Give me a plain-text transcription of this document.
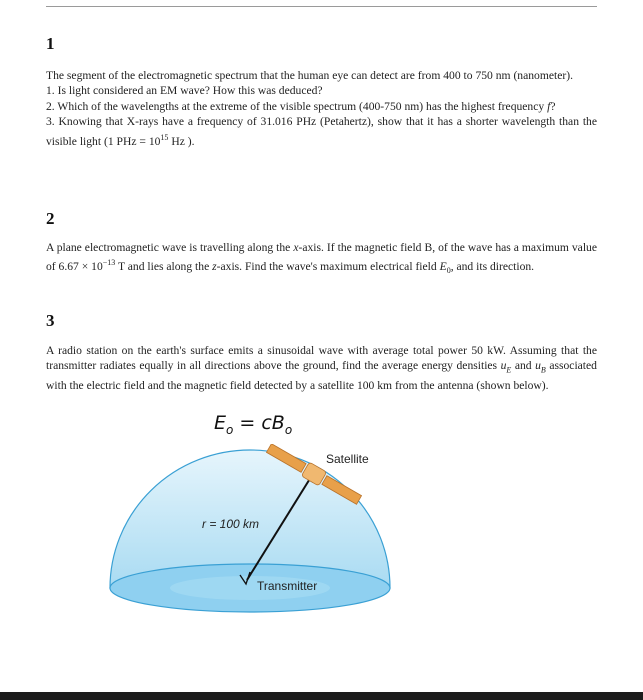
1

The segment of the electromagnetic spectrum that the human eye can detect are from 400 to 750 nm (nanometer).

1. Is light considered an EM wave? How this was deduced?

2. Which of the wavelengths at the extreme of the visible spectrum (400-750 nm) has the highest frequency f?

3. Knowing that X-rays have a frequency of 31.016 PHz (Petahertz), show that it has a shorter wavelength than the visible light (1 PHz = $10^{15}$ Hz ).

2

A plane electromagnetic wave is travelling along the x-axis. If the magnetic field B, of the wave has a maximum value of $6.67 \times 10^{-13}$ T and lies along the z-axis. Find the wave's maximum electrical field $E_0$, and its direction.

3

A radio station on the earth's surface emits a sinusoidal wave with average total power 50 kW. Assuming that the transmitter radiates equally in all directions above the ground, find the average energy densities $u_E$ and $u_B$ associated with the electric field and the magnetic field detected by a satellite 100 km from the antenna (shown below).

$E_o = cB_o$
Satellite
r = 100 km
Transmitter
